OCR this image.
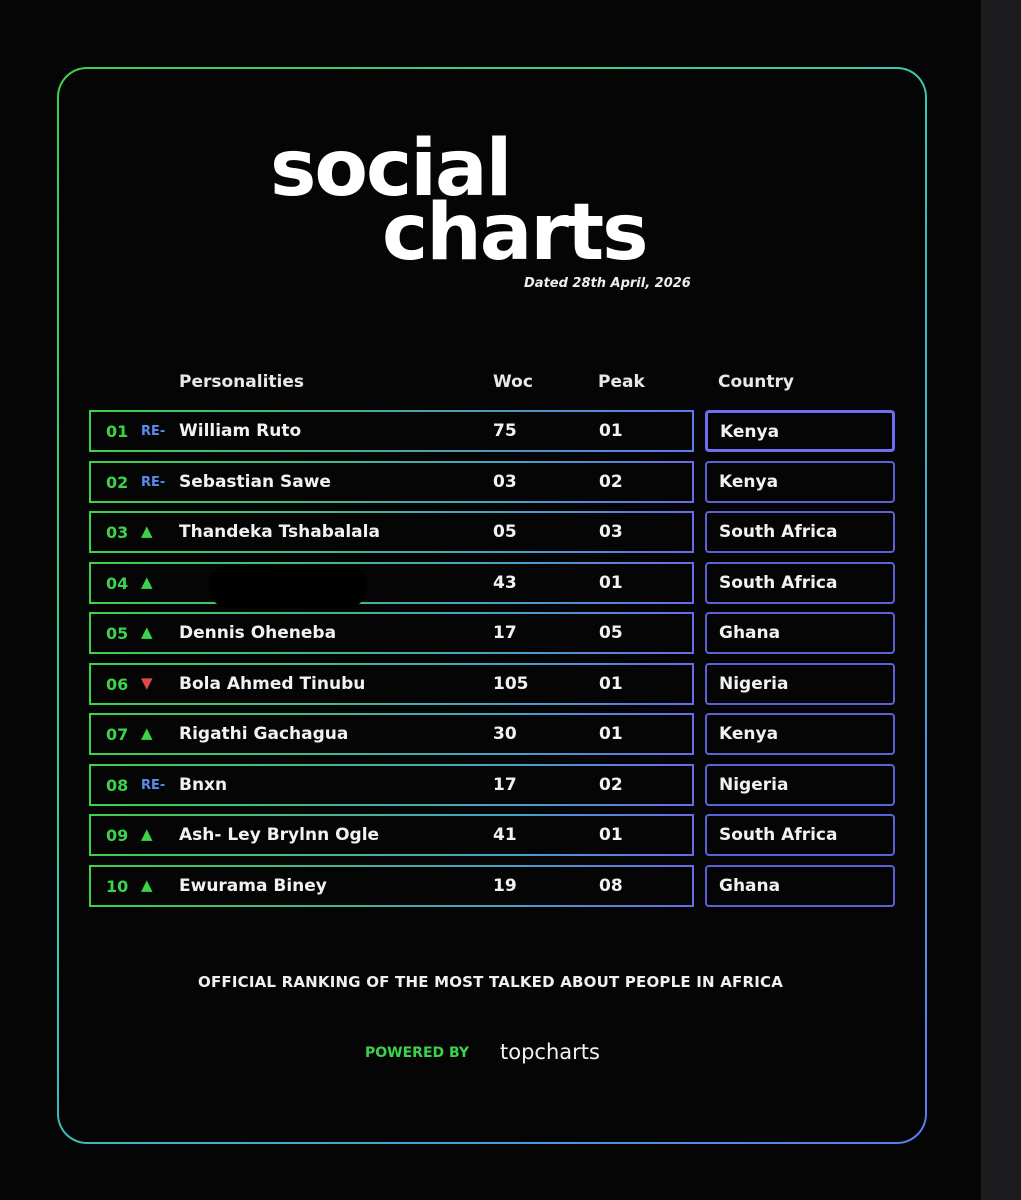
social
charts
Dated 28th April, 2026
Personalities	Woc	Peak	Country
01 RE- William Ruto	75	01	Kenya
02 RE- Sebastian Sawe	03	02	Kenya
03 ▲ Thandeka Tshabalala	05	03	South Africa
04 ▲	43	01	South Africa
05 ▲ Dennis Oheneba	17	05	Ghana
06 ▼ Bola Ahmed Tinubu	105	01	Nigeria
07 ▲ Rigathi Gachagua	30	01	Kenya
08 RE- Bnxn	17	02	Nigeria
09 ▲ Ash- Ley Brylnn Ogle	41	01	South Africa
10 ▲ Ewurama Biney	19	08	Ghana
OFFICIAL RANKING OF THE MOST TALKED ABOUT PEOPLE IN AFRICA
POWERED BY topcharts
